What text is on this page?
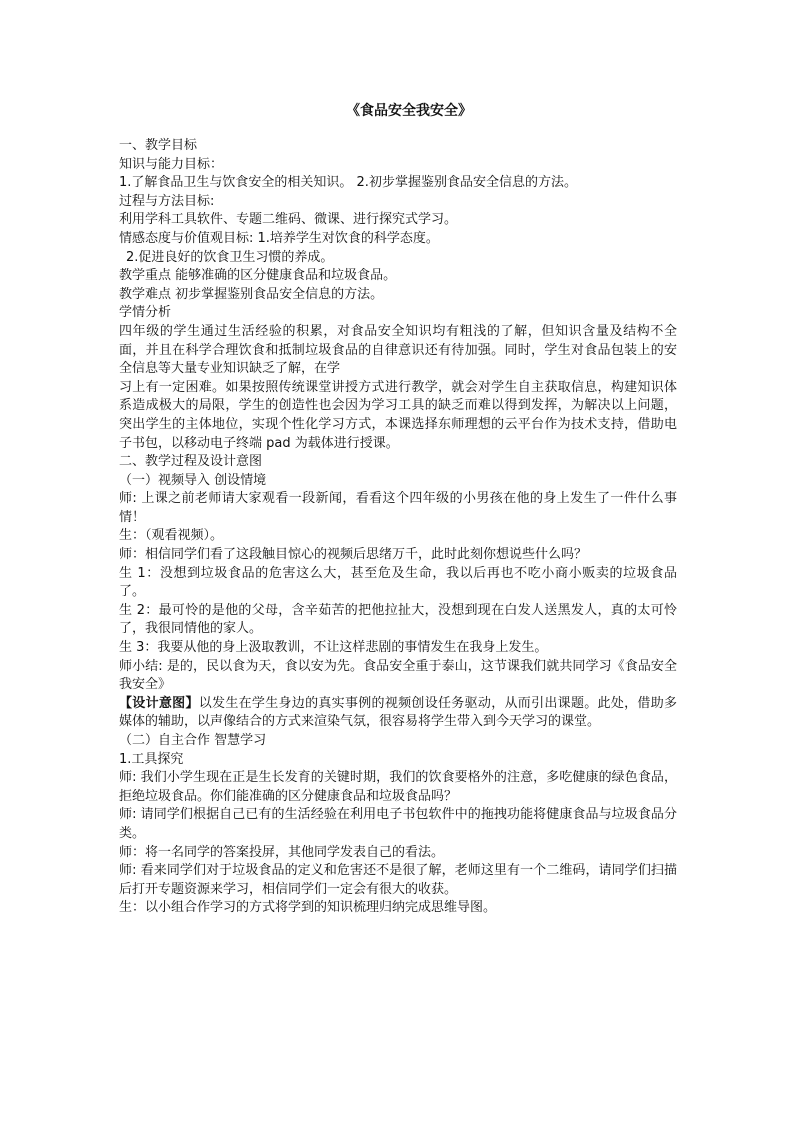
《食品安全我安全》
一、教学目标
知识与能力目标：
1.了解食品卫生与饮食安全的相关知识。 2.初步掌握鉴别食品安全信息的方法。
过程与方法目标:
利用学科工具软件、专题二维码、微课、进行探究式学习。
情感态度与价值观目标: 1.培养学生对饮食的科学态度。
2.促进良好的饮食卫生习惯的养成。
教学重点 能够准确的区分健康食品和垃圾食品。
教学难点 初步掌握鉴别食品安全信息的方法。
学情分析
四年级的学生通过生活经验的积累，对食品安全知识均有粗浅的了解，但知识含量及结构不全面，并且在科学合理饮食和抵制垃圾食品的自律意识还有待加强。同时，学生对食品包装上的安全信息等大量专业知识缺乏了解，在学
习上有一定困难。如果按照传统课堂讲授方式进行教学，就会对学生自主获取信息，构建知识体系造成极大的局限，学生的创造性也会因为学习工具的缺乏而难以得到发挥，为解决以上问题，突出学生的主体地位，实现个性化学习方式，本课选择东师理想的云平台作为技术支持，借助电子书包，以移动电子终端 pad 为载体进行授课。
二、教学过程及设计意图
（一）视频导入 创设情境
师: 上课之前老师请大家观看一段新闻，看看这个四年级的小男孩在他的身上发生了一件什么事情！
生：（观看视频）。
师：相信同学们看了这段触目惊心的视频后思绪万千，此时此刻你想说些什么吗？
生 1：没想到垃圾食品的危害这么大，甚至危及生命，我以后再也不吃小商小贩卖的垃圾食品了。
生 2：最可怜的是他的父母，含辛茹苦的把他拉扯大，没想到现在白发人送黑发人，真的太可怜了，我很同情他的家人。
生 3：我要从他的身上汲取教训，不让这样悲剧的事情发生在我身上发生。
师小结: 是的，民以食为天，食以安为先。食品安全重于泰山，这节课我们就共同学习《食品安全我安全》
【设计意图】以发生在学生身边的真实事例的视频创设任务驱动，从而引出课题。此处，借助多媒体的辅助，以声像结合的方式来渲染气氛，很容易将学生带入到今天学习的课堂。
（二）自主合作 智慧学习
1.工具探究
师: 我们小学生现在正是生长发育的关键时期，我们的饮食要格外的注意，多吃健康的绿色食品，拒绝垃圾食品。你们能准确的区分健康食品和垃圾食品吗？
师: 请同学们根据自己已有的生活经验在利用电子书包软件中的拖拽功能将健康食品与垃圾食品分类。
师：将一名同学的答案投屏，其他同学发表自己的看法。
师: 看来同学们对于垃圾食品的定义和危害还不是很了解，老师这里有一个二维码，请同学们扫描后打开专题资源来学习，相信同学们一定会有很大的收获。
生：以小组合作学习的方式将学到的知识梳理归纳完成思维导图。
